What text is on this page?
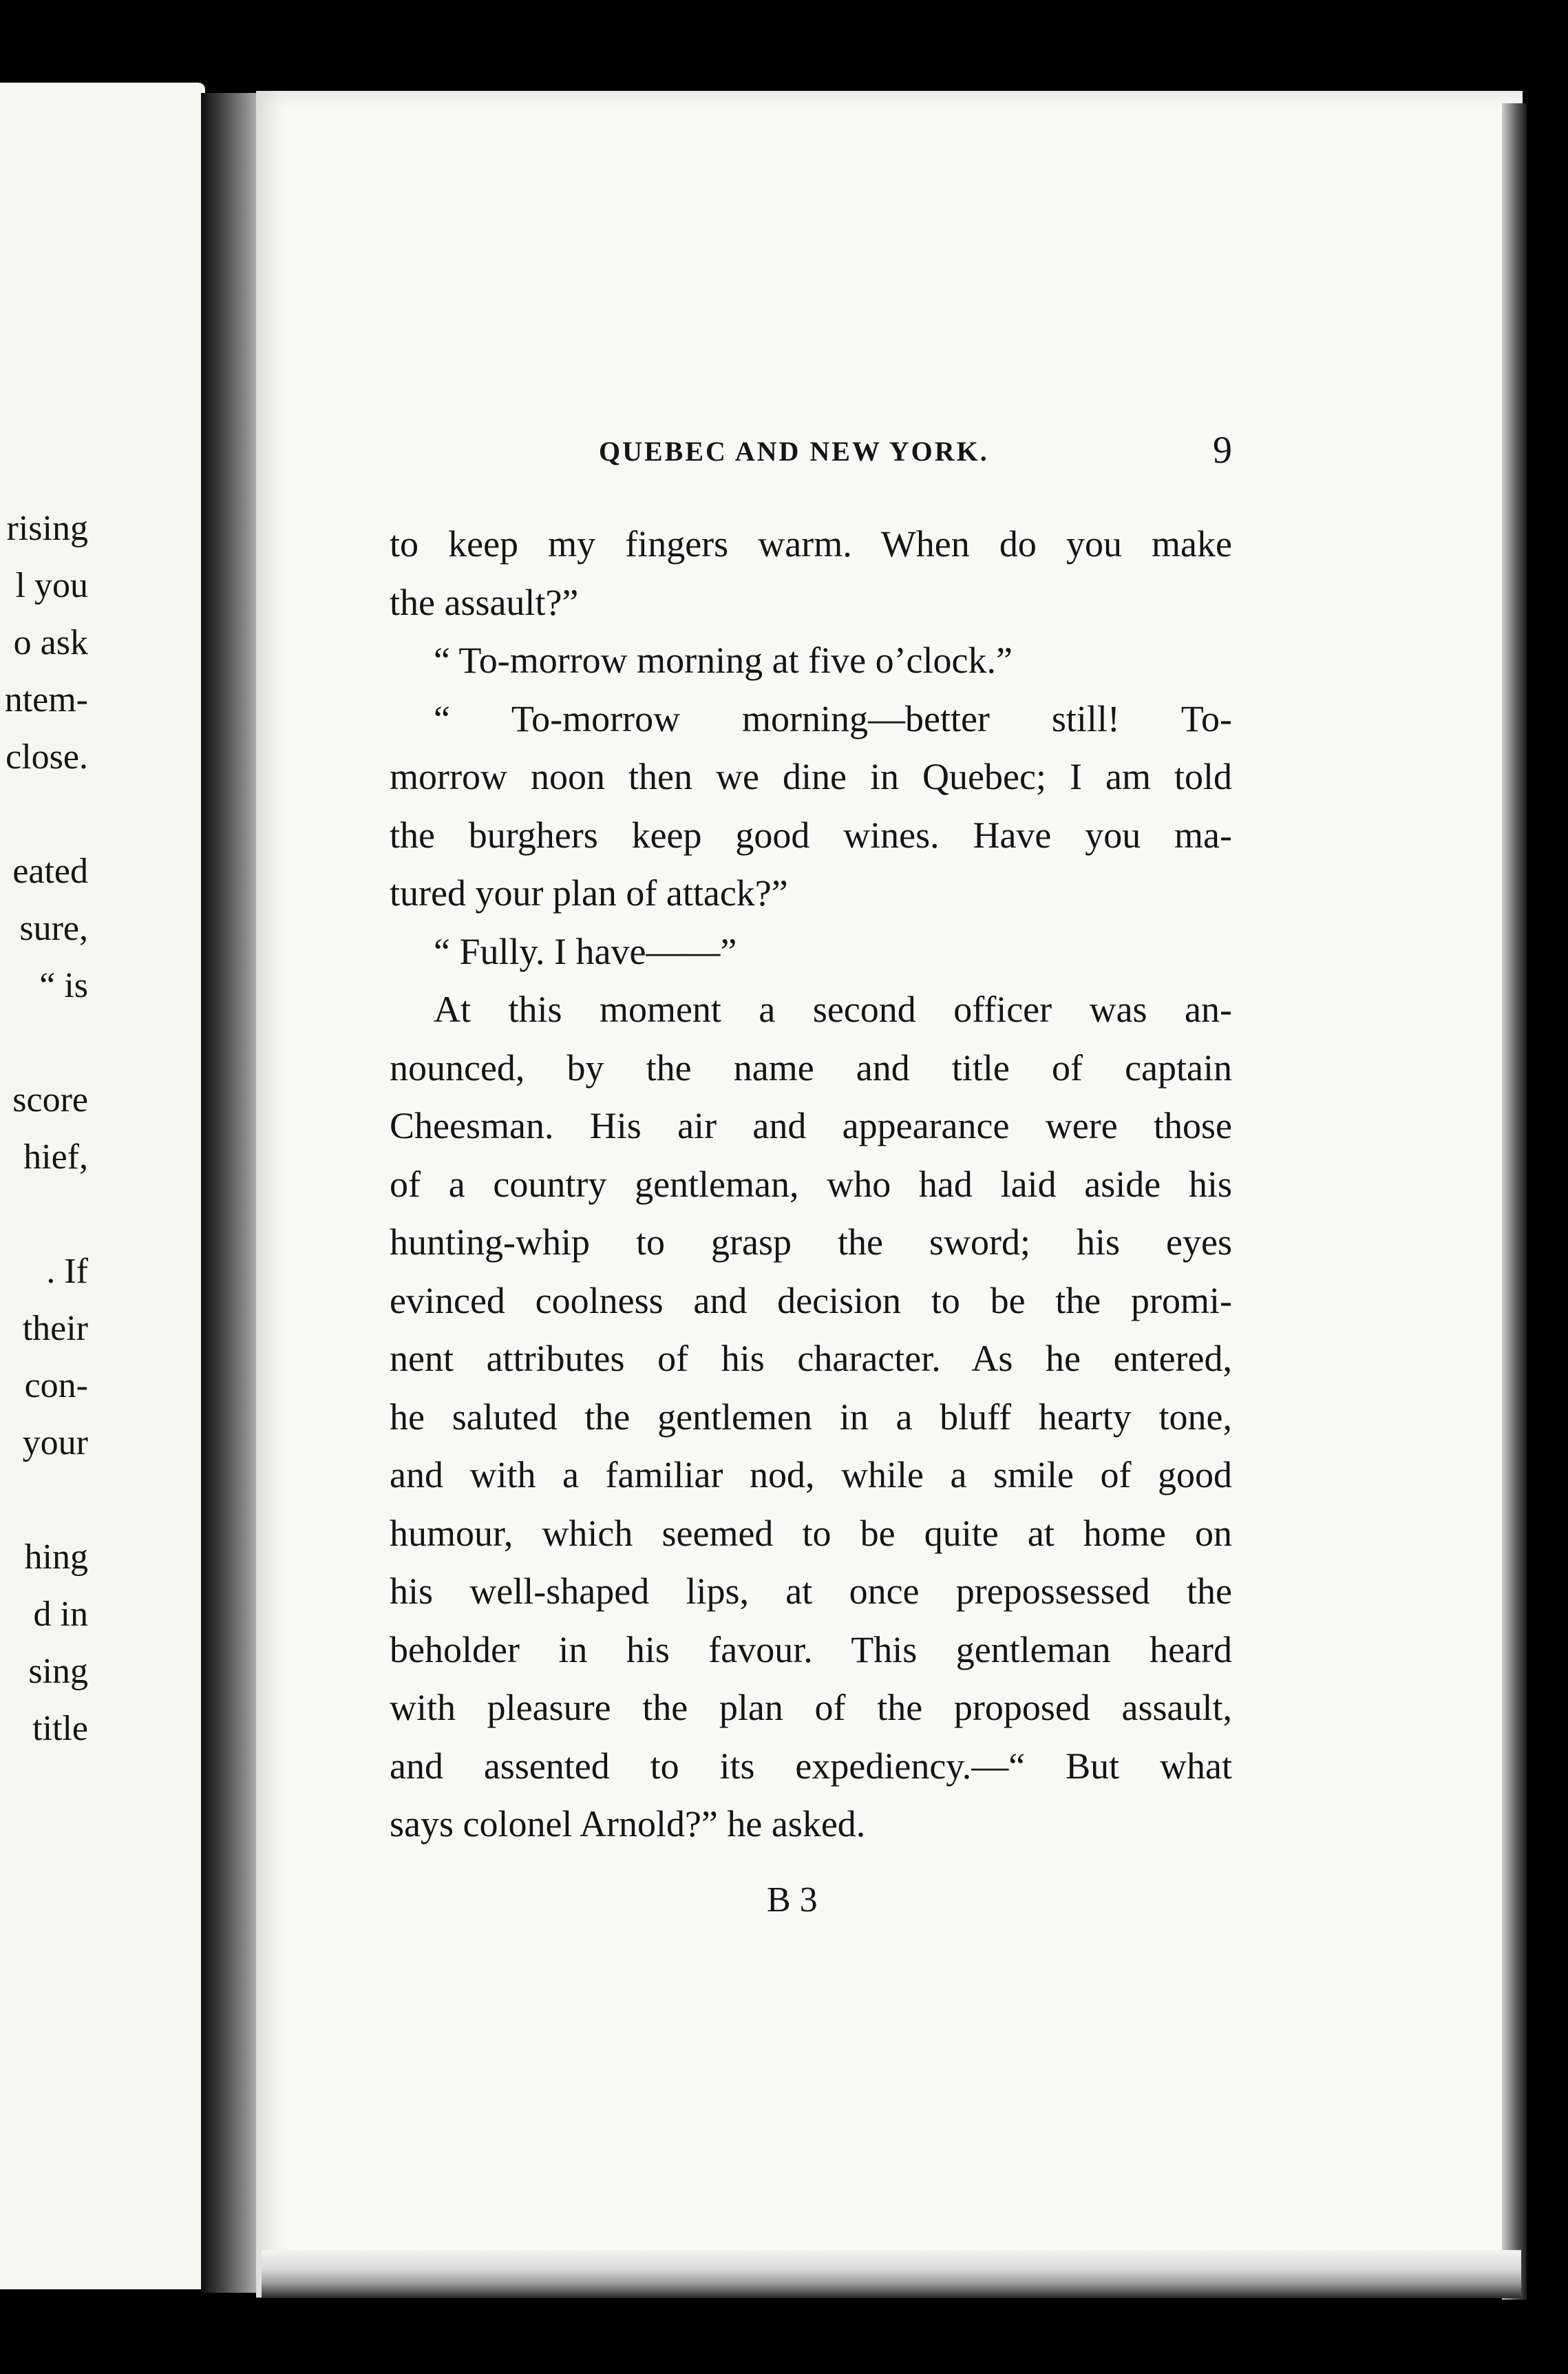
rising
l you
o ask
ntem-
close.
eated
sure,
“ is
score
hief,
. If
their
con-
your
hing
d in
sing
title
QUEBEC AND NEW YORK.	9
to keep my fingers warm. When do you make
the assault?”
“ To-morrow morning at five o’clock.”
“ To-morrow morning—better still! To-
morrow noon then we dine in Quebec; I am told
the burghers keep good wines. Have you ma-
tured your plan of attack?”
“ Fully. I have——”
At this moment a second officer was an-
nounced, by the name and title of captain
Cheesman. His air and appearance were those
of a country gentleman, who had laid aside his
hunting-whip to grasp the sword; his eyes
evinced coolness and decision to be the promi-
nent attributes of his character. As he entered,
he saluted the gentlemen in a bluff hearty tone,
and with a familiar nod, while a smile of good
humour, which seemed to be quite at home on
his well-shaped lips, at once prepossessed the
beholder in his favour. This gentleman heard
with pleasure the plan of the proposed assault,
and assented to its expediency.—“ But what
says colonel Arnold?” he asked.
B 3
